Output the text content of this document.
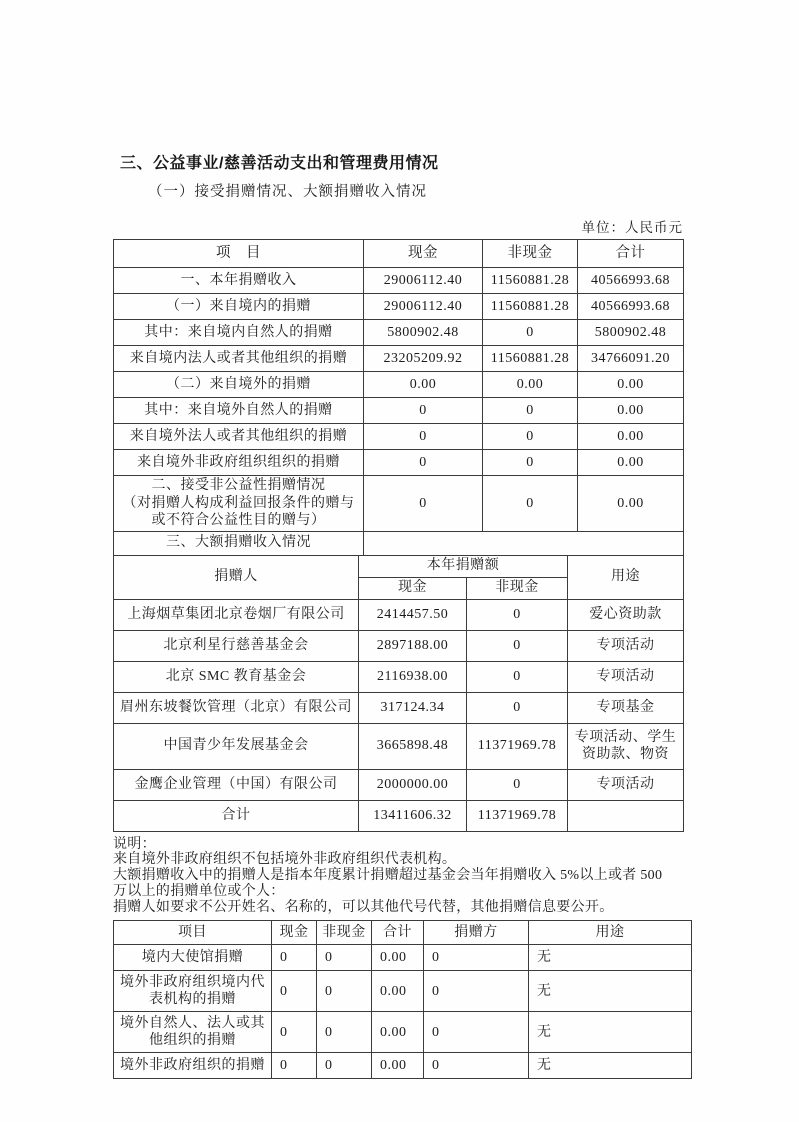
三、公益事业/慈善活动支出和管理费用情况
（一）接受捐赠情况、大额捐赠收入情况
单位：人民币元
项　目	现金	非现金	合计
一、本年捐赠收入	29006112.40	11560881.28	40566993.68
（一）来自境内的捐赠	29006112.40	11560881.28	40566993.68
其中：来自境内自然人的捐赠	5800902.48	0	5800902.48
来自境内法人或者其他组织的捐赠	23205209.92	11560881.28	34766091.20
（二）来自境外的捐赠	0.00	0.00	0.00
其中：来自境外自然人的捐赠	0	0	0.00
来自境外法人或者其他组织的捐赠	0	0	0.00
来自境外非政府组织组织的捐赠	0	0	0.00

二、接受非公益性捐赠情况
（对捐赠人构成利益回报条件的赠与
或不符合公益性目的赠与）	0	0	0.00
三、大额捐赠收入情况			
捐赠人	本年捐赠额		用途
	现金	非现金	
上海烟草集团北京卷烟厂有限公司	2414457.50	0	爱心资助款
北京利星行慈善基金会	2897188.00	0	专项活动
北京 SMC 教育基金会	2116938.00	0	专项活动
眉州东坡餐饮管理（北京）有限公司	317124.34	0	专项基金
中国青少年发展基金会	3665898.48	11371969.78	专项活动、学生资助款、物资
金鹰企业管理（中国）有限公司	2000000.00	0	专项活动
合计	13411606.32	11371969.78	
说明：
来自境外非政府组织不包括境外非政府组织代表机构。
大额捐赠收入中的捐赠人是指本年度累计捐赠超过基金会当年捐赠收入 5%以上或者 500
万以上的捐赠单位或个人：
捐赠人如要求不公开姓名、名称的，可以其他代号代替，其他捐赠信息要公开。
项目	现金	非现金	合计	捐赠方	用途
境内大使馆捐赠	0	0	0.00	0	无
境外非政府组织境内代表机构的捐赠	0	0	0.00	0	无
境外自然人、法人或其他组织的捐赠	0	0	0.00	0	无
境外非政府组织的捐赠	0	0	0.00	0	无
